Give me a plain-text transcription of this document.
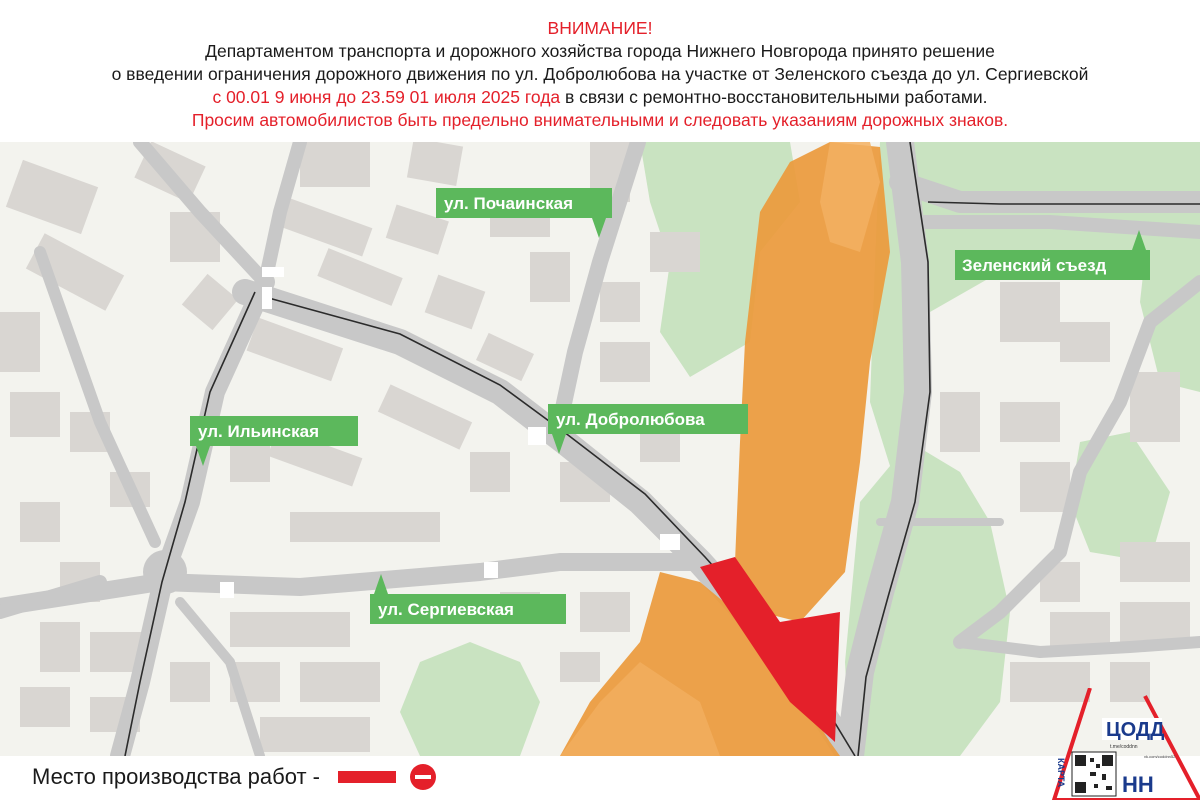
ВНИМАНИЕ!
Департаментом транспорта и дорожного хозяйства города Нижнего Новгорода принято решение
о введении ограничения дорожного движения по ул. Добролюбова на участке от Зеленского съезда до ул. Сергиевской
с 00.01 9 июня до 23.59 01 июля 2025 года в связи с ремонтно-восстановительными работами.
Просим автомобилистов быть предельно внимательными и следовать указаниям дорожных знаков.
ул. Почаинская
Зеленский съезд
ул. Ильинская
ул. Добролюбова
ул. Сергиевская
Место производства работ -
ЦОДД
t.me/coddnn
vk.com/coddnn52
КАРТА	НН
